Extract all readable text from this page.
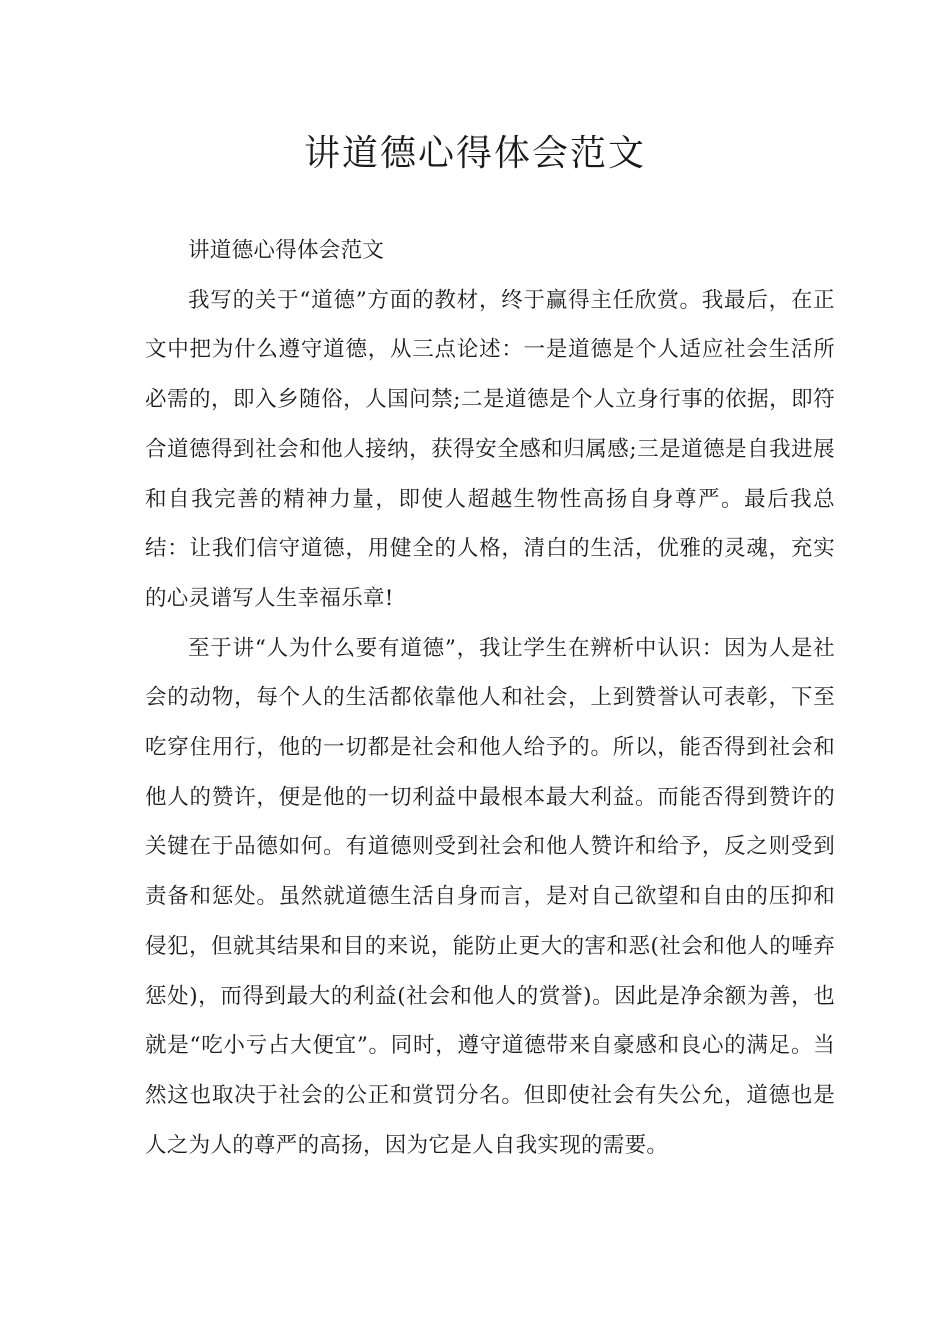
讲道德心得体会范文

讲道德心得体会范文

我写的关于“道德”方面的教材，终于赢得主任欣赏。我最后，在正文中把为什么遵守道德，从三点论述：一是道德是个人适应社会生活所必需的，即入乡随俗，人国问禁;二是道德是个人立身行事的依据，即符合道德得到社会和他人接纳，获得安全感和归属感;三是道德是自我进展和自我完善的精神力量，即使人超越生物性高扬自身尊严。最后我总结：让我们信守道德，用健全的人格，清白的生活，优雅的灵魂，充实的心灵谱写人生幸福乐章!

至于讲“人为什么要有道德”，我让学生在辨析中认识：因为人是社会的动物，每个人的生活都依靠他人和社会，上到赞誉认可表彰，下至吃穿住用行，他的一切都是社会和他人给予的。所以，能否得到社会和他人的赞许，便是他的一切利益中最根本最大利益。而能否得到赞许的关键在于品德如何。有道德则受到社会和他人赞许和给予，反之则受到责备和惩处。虽然就道德生活自身而言，是对自己欲望和自由的压抑和侵犯，但就其结果和目的来说，能防止更大的害和恶(社会和他人的唾弃惩处)，而得到最大的利益(社会和他人的赏誉)。因此是净余额为善，也就是“吃小亏占大便宜”。同时，遵守道德带来自豪感和良心的满足。当然这也取决于社会的公正和赏罚分名。但即使社会有失公允，道德也是人之为人的尊严的高扬，因为它是人自我实现的需要。
